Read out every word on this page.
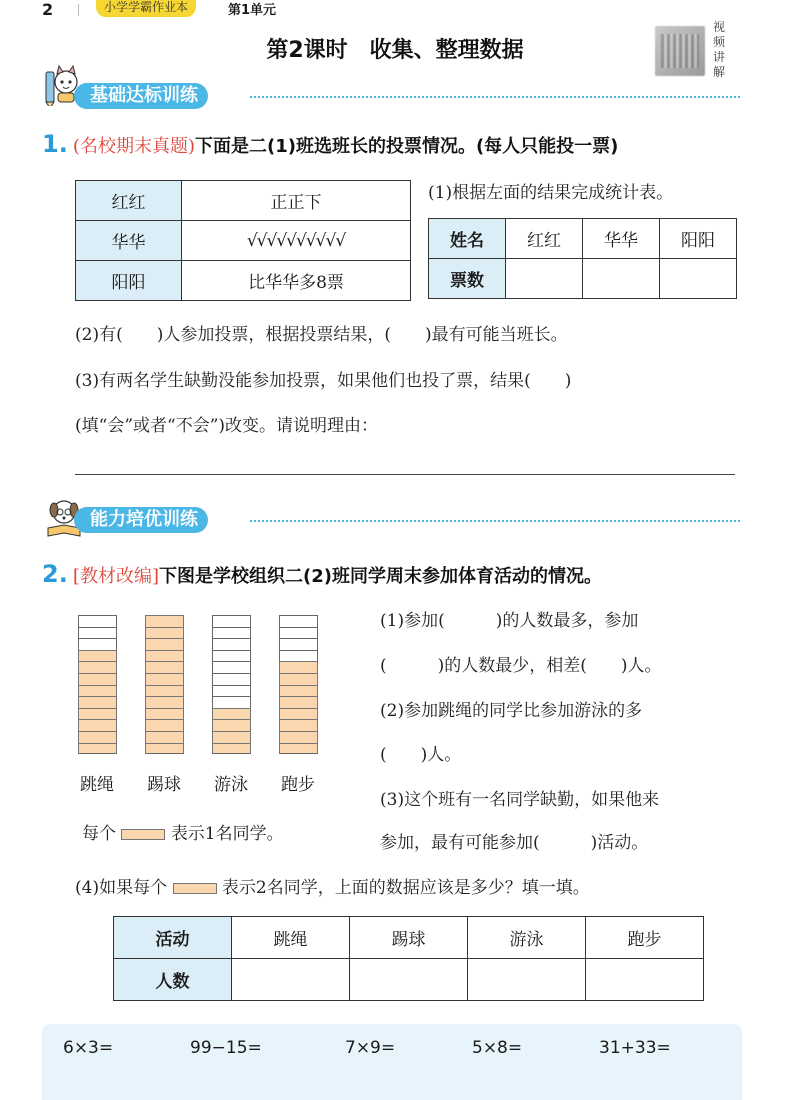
2	小学学霸作业本	第1单元
第2课时　收集、整理数据
视
频
讲
解
基础达标训练
1. (名校期末真题)下面是二(1)班选班长的投票情况。(每人只能投一票)
红红	正正下
华华	√√√√√√√√√√
阳阳	比华华多8票
(1)根据左面的结果完成统计表。
姓名	红红	华华	阳阳
票数			
(2)有(　　)人参加投票，根据投票结果，(　　)最有可能当班长。
(3)有两名学生缺勤没能参加投票，如果他们也投了票，结果(　　)
(填“会”或者“不会”)改变。请说明理由：
能力培优训练
2. [教材改编]下图是学校组织二(2)班同学周末参加体育活动的情况。
跳绳	踢球	游泳	跑步
每个	表示1名同学。
(1)参加(　　　)的人数最多，参加
(　　　)的人数最少，相差(　　)人。
(2)参加跳绳的同学比参加游泳的多
(　　)人。
(3)这个班有一名同学缺勤，如果他来
参加，最有可能参加(　　　)活动。
(4)如果每个	表示2名同学，上面的数据应该是多少？填一填。
活动	跳绳	踢球	游泳	跑步
人数				
6×3=	99−15=	7×9=	5×8=	31+33=
